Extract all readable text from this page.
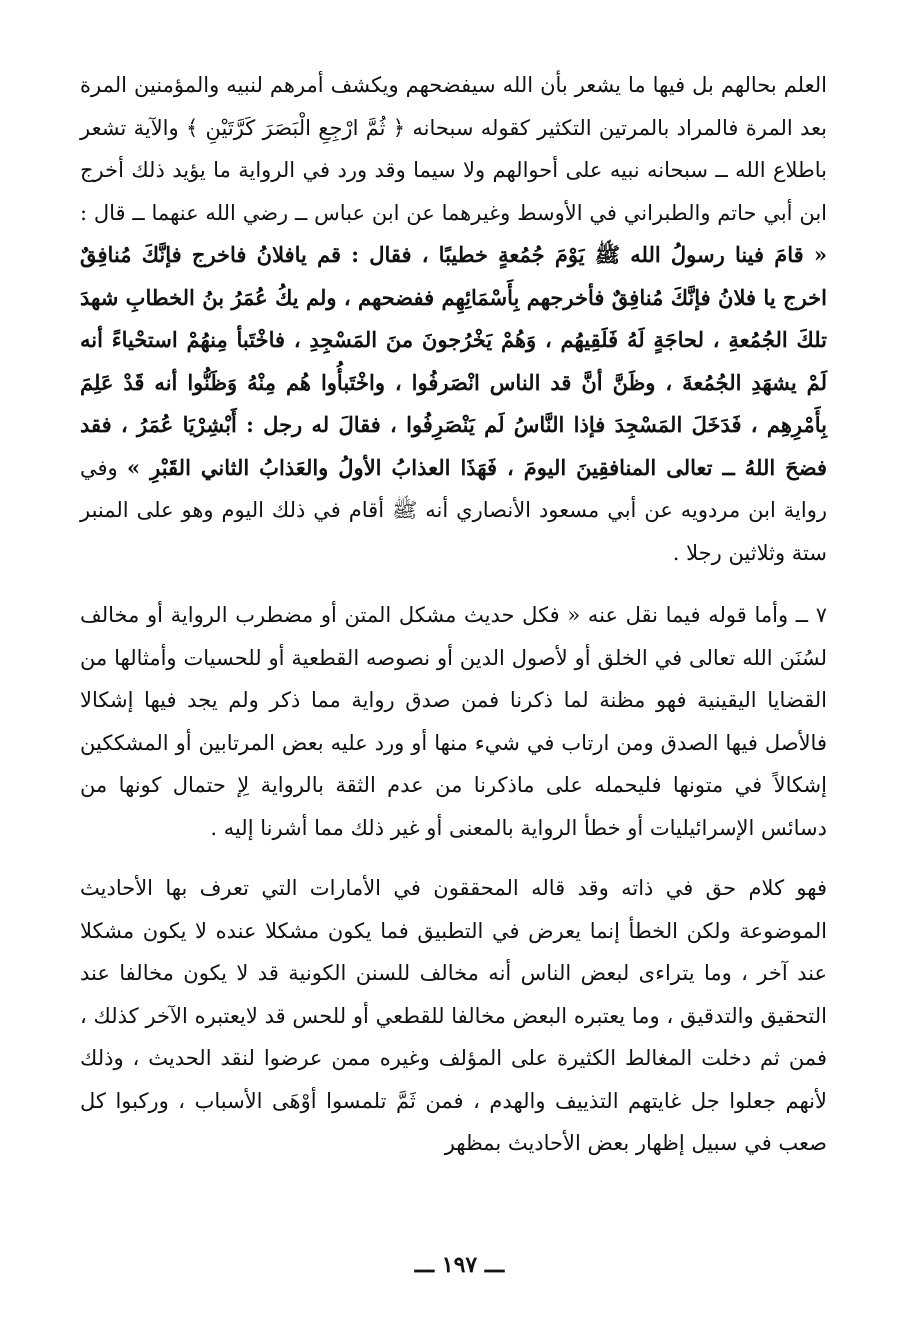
العلم بحالهم بل فيها ما يشعر بأن الله سيفضحهم ويكشف أمرهم لنبيه والمؤمنين المرة بعد المرة فالمراد بالمرتين التكثير كقوله سبحانه ﴿ ثُمَّ ارْجِعِ الْبَصَرَ كَرَّتَيْنِ ﴾ والآية تشعر باطلاع الله ــ سبحانه نبيه على أحوالهم ولا سيما وقد ورد في الرواية ما يؤيد ذلك أخرج ابن أبي حاتم والطبراني في الأوسط وغيرهما عن ابن عباس ــ رضي الله عنهما ــ قال : « قامَ فينا رسولُ الله ﷺ يَوْمَ جُمُعةٍ خطيبًا ، فقال : قم يافلانُ فاخرج فإنَّكَ مُنافِقٌ اخرج يا فلانُ فإنَّكَ مُنافِقٌ فأخرجهم بِأَسْمَائِهِم ففضحهم ، ولم يكُ عُمَرُ بنُ الخطابِ شهدَ تلكَ الجُمُعةِ ، لحاجَةٍ لَهُ فَلَقِيهُم ، وَهُمْ يَخْرُجونَ منَ المَسْجِدِ ، فاخْتَبأ مِنهُمْ استحْياءً أنه لَمْ يشهَدِ الجُمُعةَ ، وظَنَّ أنَّ قد الناس انْصَرفُوا ، واخْتَبأُوا هُم مِنْهُ وَظَنُّوا أنه قَدْ عَلِمَ بِأَمْرِهِم ، فَدَخَلَ المَسْجِدَ فإذا النَّاسُ لَم يَنْصَرِفُوا ، فقالَ له رجل : أَبْشِرْيَا عُمَرُ ، فقد فضحَ اللهُ ــ تعالى المنافقِينَ اليومَ ، فَهَذَا العذابُ الأولُ والعَذابُ الثاني القَبْرِ » وفي رواية ابن مردويه عن أبي مسعود الأنصاري أنه ﷺ أقام في ذلك اليوم وهو على المنبر ستة وثلاثين رجلا .

٧ ــ وأما قوله فيما نقل عنه « فكل حديث مشكل المتن أو مضطرب الرواية أو مخالف لسُنَن الله تعالى في الخلق أو لأصول الدين أو نصوصه القطعية أو للحسيات وأمثالها من القضايا اليقينية فهو مظنة لما ذكرنا فمن صدق رواية مما ذكر ولم يجد فيها إشكالا فالأصل فيها الصدق ومن ارتاب في شيء منها أو ورد عليه بعض المرتابين أو المشككين إشكالاً في متونها فليحمله على ماذكرنا من عدم الثقة بالرواية لِإ حتمال كونها من دسائس الإسرائيليات أو خطأ الرواية بالمعنى أو غير ذلك مما أشرنا إليه .

فهو كلام حق في ذاته وقد قاله المحققون في الأمارات التي تعرف بها الأحاديث الموضوعة ولكن الخطأ إنما يعرض في التطبيق فما يكون مشكلا عنده لا يكون مشكلا عند آخر ، وما يتراءى لبعض الناس أنه مخالف للسنن الكونية قد لا يكون مخالفا عند التحقيق والتدقيق ، وما يعتبره البعض مخالفا للقطعي أو للحس قد لايعتبره الآخر كذلك ، فمن ثم دخلت المغالط الكثيرة على المؤلف وغيره ممن عرضوا لنقد الحديث ، وذلك لأنهم جعلوا جل غايتهم التذييف والهدم ، فمن ثَمَّ تلمسوا أوْهَى الأسباب ، وركبوا كل صعب في سبيل إظهار بعض الأحاديث بمظهر

ـــ ١٩٧ ـــ
